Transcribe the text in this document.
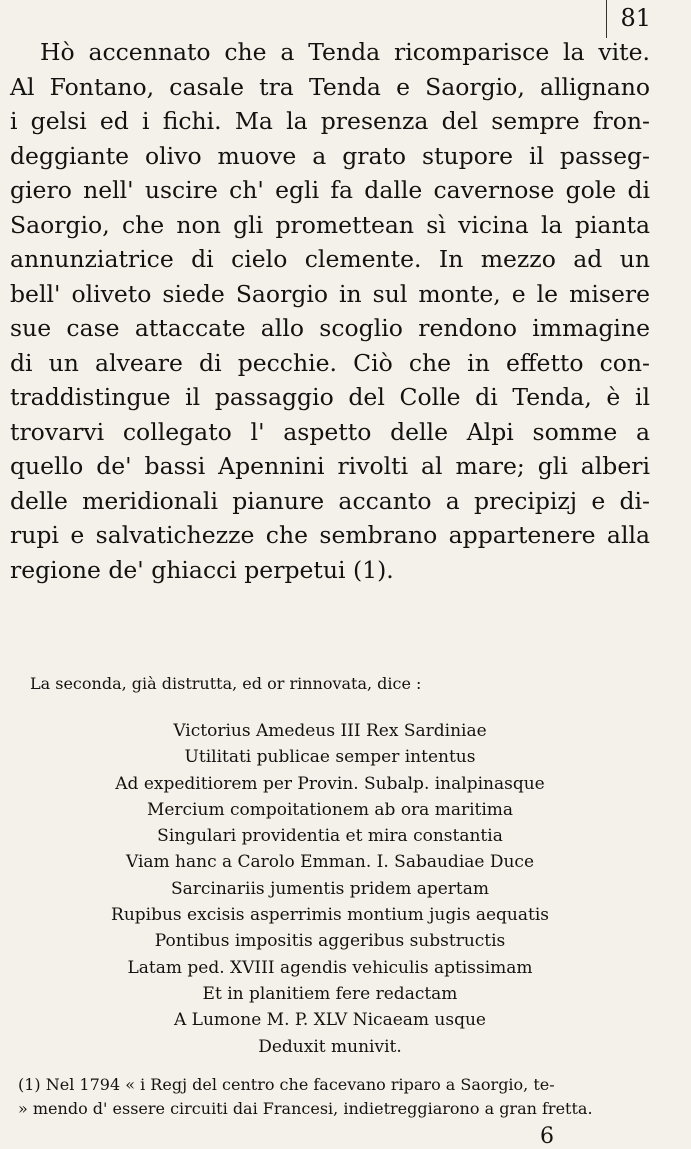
81
Hò accennato che a Tenda ricomparisce la vite.
Al Fontano, casale tra Tenda e Saorgio, allignano
i gelsi ed i fichi. Ma la presenza del sempre fron-
deggiante olivo muove a grato stupore il passeg-
giero nell' uscire ch' egli fa dalle cavernose gole di
Saorgio, che non gli promettean sì vicina la pianta
annunziatrice di cielo clemente. In mezzo ad un
bell' oliveto siede Saorgio in sul monte, e le misere
sue case attaccate allo scoglio rendono immagine
di un alveare di pecchie. Ciò che in effetto con-
traddistingue il passaggio del Colle di Tenda, è il
trovarvi collegato l' aspetto delle Alpi somme a
quello de' bassi Apennini rivolti al mare; gli alberi
delle meridionali pianure accanto a precipizj e di-
rupi e salvatichezze che sembrano appartenere alla
regione de' ghiacci perpetui (1).
La seconda, già distrutta, ed or rinnovata, dice :
Victorius Amedeus III Rex Sardiniae
Utilitati publicae semper intentus
Ad expeditiorem per Provin. Subalp. inalpinasque
Mercium compoitationem ab ora maritima
Singulari providentia et mira constantia
Viam hanc a Carolo Emman. I. Sabaudiae Duce
Sarcinariis jumentis pridem apertam
Rupibus excisis asperrimis montium jugis aequatis
Pontibus impositis aggeribus substructis
Latam ped. XVIII agendis vehiculis aptissimam
Et in planitiem fere redactam
A Lumone M. P. XLV Nicaeam usque
Deduxit munivit.
(1) Nel 1794 « i Regj del centro che facevano riparo a Saorgio, te-
» mendo d' essere circuiti dai Francesi, indietreggiarono a gran fretta.
6
